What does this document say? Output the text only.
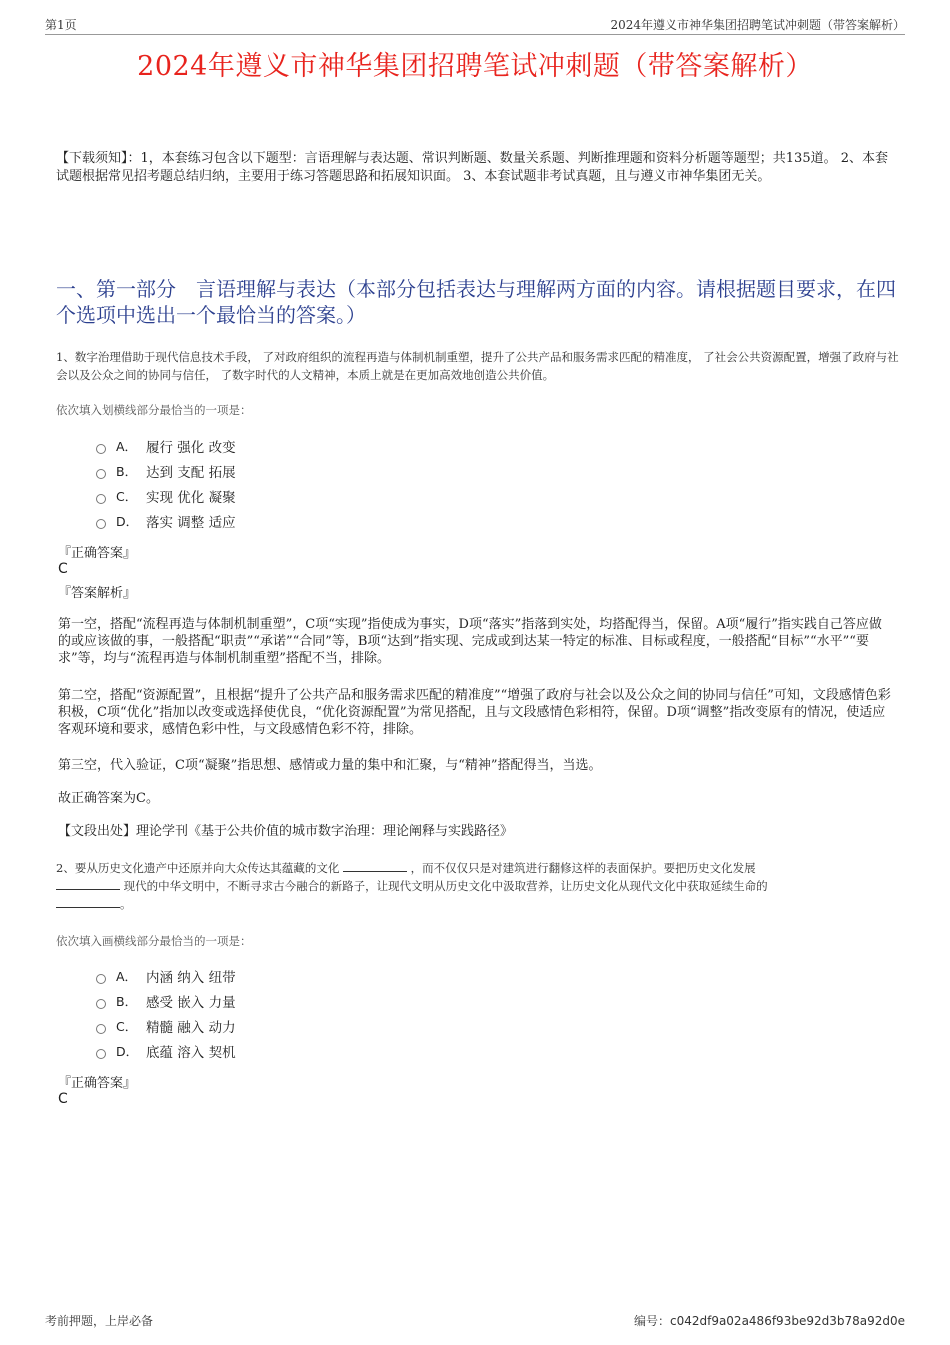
第1页	2024年遵义市神华集团招聘笔试冲刺题（带答案解析）
2024年遵义市神华集团招聘笔试冲刺题（带答案解析）
【下载须知】：1，本套练习包含以下题型：言语理解与表达题、常识判断题、数量关系题、判断推理题和资料分析题等题型；共135道。 2、本套试题根据常见招考题总结归纳，主要用于练习答题思路和拓展知识面。 3、本套试题非考试真题，且与遵义市神华集团无关。
一、第一部分　言语理解与表达（本部分包括表达与理解两方面的内容。请根据题目要求，在四个选项中选出一个最恰当的答案。）
1、数字治理借助于现代信息技术手段， 了对政府组织的流程再造与体制机制重塑，提升了公共产品和服务需求匹配的精准度， 了社会公共资源配置，增强了政府与社会以及公众之间的协同与信任， 了数字时代的人文精神，本质上就是在更加高效地创造公共价值。
依次填入划横线部分最恰当的一项是：
A． 履行 强化 改变
B． 达到 支配 拓展
C． 实现 优化 凝聚
D． 落实 调整 适应
『正确答案』
C
『答案解析』
第一空，搭配“流程再造与体制机制重塑”，C项“实现”指使成为事实，D项“落实”指落到实处，均搭配得当，保留。A项“履行”指实践自己答应做的或应该做的事，一般搭配“职责”“承诺”“合同”等，B项“达到”指实现、完成或到达某一特定的标准、目标或程度，一般搭配“目标”“水平”“要求”等，均与“流程再造与体制机制重塑”搭配不当，排除。
第二空，搭配“资源配置”，且根据“提升了公共产品和服务需求匹配的精准度”“增强了政府与社会以及公众之间的协同与信任”可知，文段感情色彩积极，C项“优化”指加以改变或选择使优良，“优化资源配置”为常见搭配，且与文段感情色彩相符，保留。D项“调整”指改变原有的情况，使适应客观环境和要求，感情色彩中性，与文段感情色彩不符，排除。
第三空，代入验证，C项“凝聚”指思想、感情或力量的集中和汇聚，与“精神”搭配得当，当选。
故正确答案为C。
【文段出处】理论学刊《基于公共价值的城市数字治理：理论阐释与实践路径》
2、要从历史文化遗产中还原并向大众传达其蕴藏的文化	，而不仅仅只是对建筑进行翻修这样的表面保护。要把历史文化发展
现代的中华文明中，不断寻求古今融合的新路子，让现代文明从历史文化中汲取营养，让历史文化从现代文化中获取延续生命的
。
依次填入画横线部分最恰当的一项是：
A． 内涵 纳入 纽带
B． 感受 嵌入 力量
C． 精髓 融入 动力
D． 底蕴 溶入 契机
『正确答案』
C
考前押题，上岸必备	编号：c042df9a02a486f93be92d3b78a92d0e
